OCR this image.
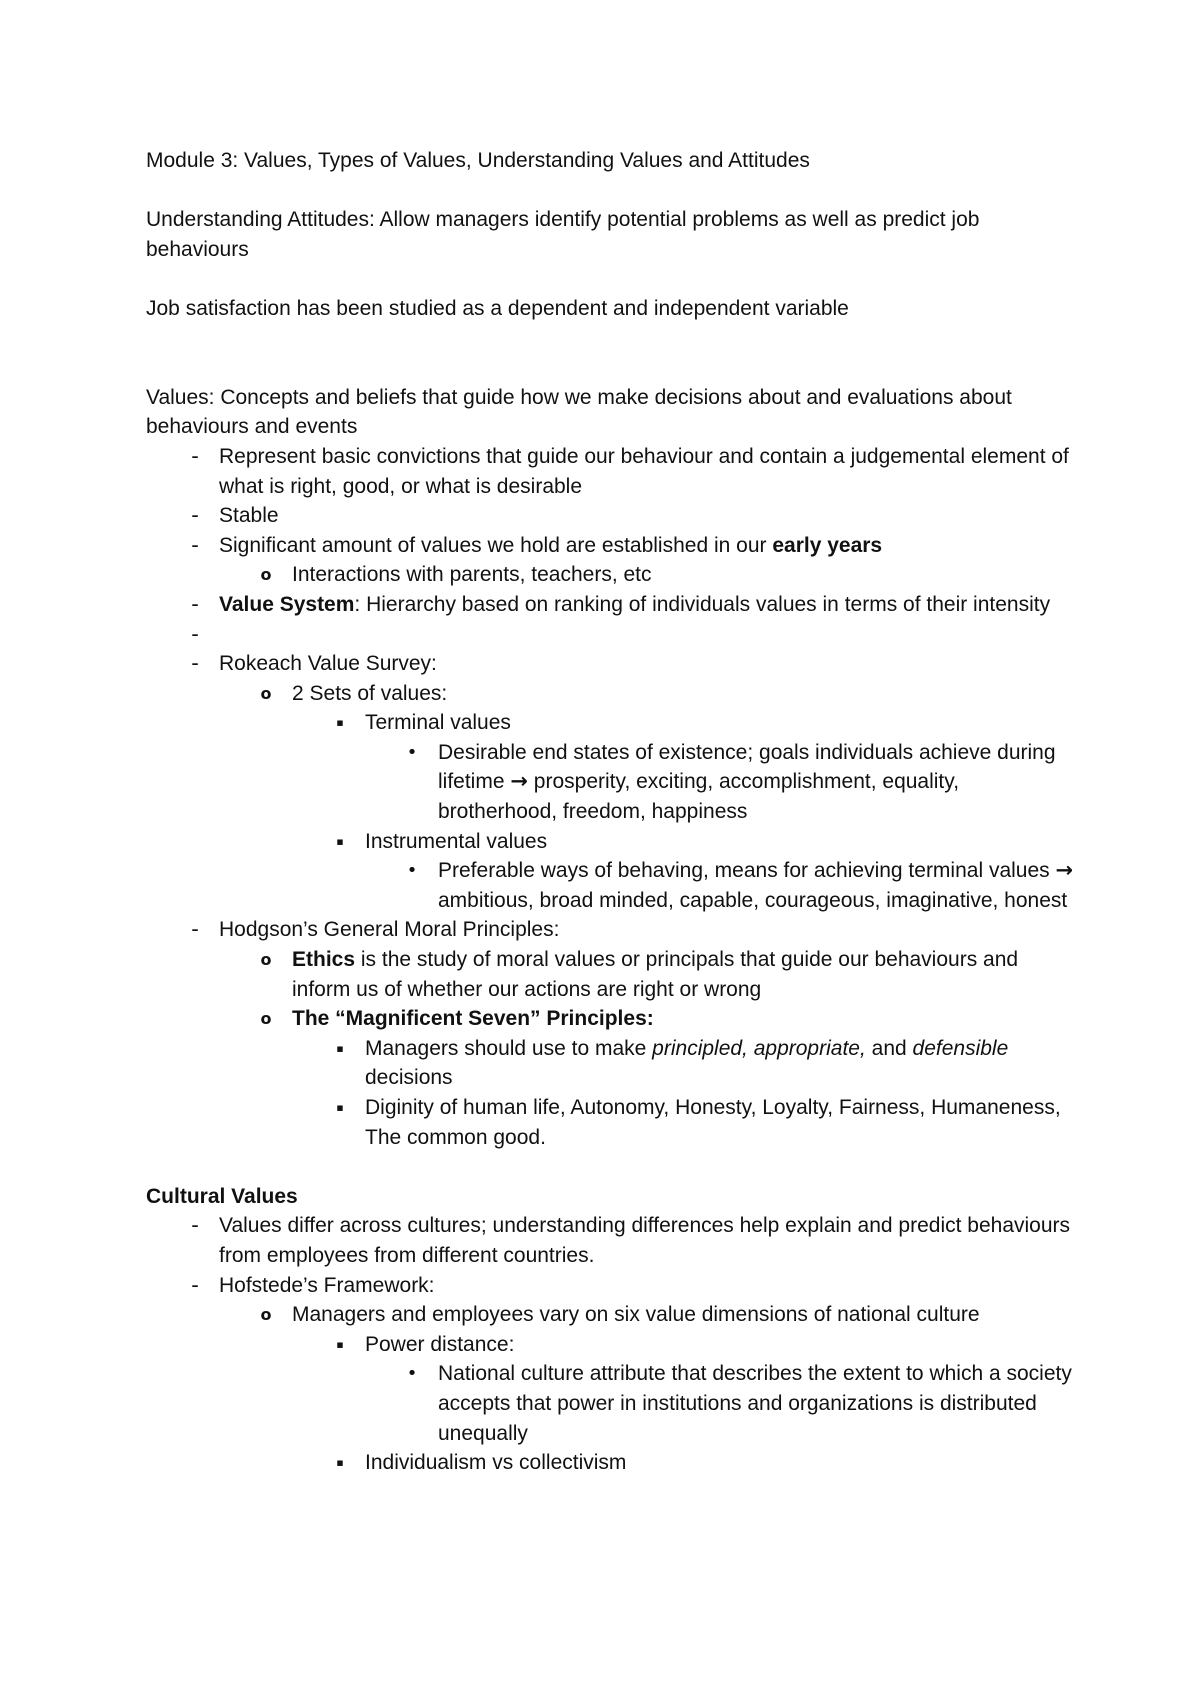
Module 3: Values, Types of Values, Understanding Values and Attitudes

Understanding Attitudes: Allow managers identify potential problems as well as predict job behaviours

Job satisfaction has been studied as a dependent and independent variable

Values: Concepts and beliefs that guide how we make decisions about and evaluations about behaviours and events

- Represent basic convictions that guide our behaviour and contain a judgemental element of what is right, good, or what is desirable
- Stable
- Significant amount of values we hold are established in our early years
o Interactions with parents, teachers, etc
- Value System: Hierarchy based on ranking of individuals values in terms of their intensity
-
- Rokeach Value Survey:
o 2 Sets of values:
▪ Terminal values
• Desirable end states of existence; goals individuals achieve during lifetime → prosperity, exciting, accomplishment, equality, brotherhood, freedom, happiness
▪ Instrumental values
• Preferable ways of behaving, means for achieving terminal values → ambitious, broad minded, capable, courageous, imaginative, honest
- Hodgson’s General Moral Principles:
o Ethics is the study of moral values or principals that guide our behaviours and inform us of whether our actions are right or wrong
o The “Magnificent Seven” Principles:
▪ Managers should use to make principled, appropriate, and defensible decisions
▪ Diginity of human life, Autonomy, Honesty, Loyalty, Fairness, Humaneness, The common good.

Cultural Values

- Values differ across cultures; understanding differences help explain and predict behaviours from employees from different countries.
- Hofstede’s Framework:
o Managers and employees vary on six value dimensions of national culture
▪ Power distance:
• National culture attribute that describes the extent to which a society accepts that power in institutions and organizations is distributed unequally
▪ Individualism vs collectivism
